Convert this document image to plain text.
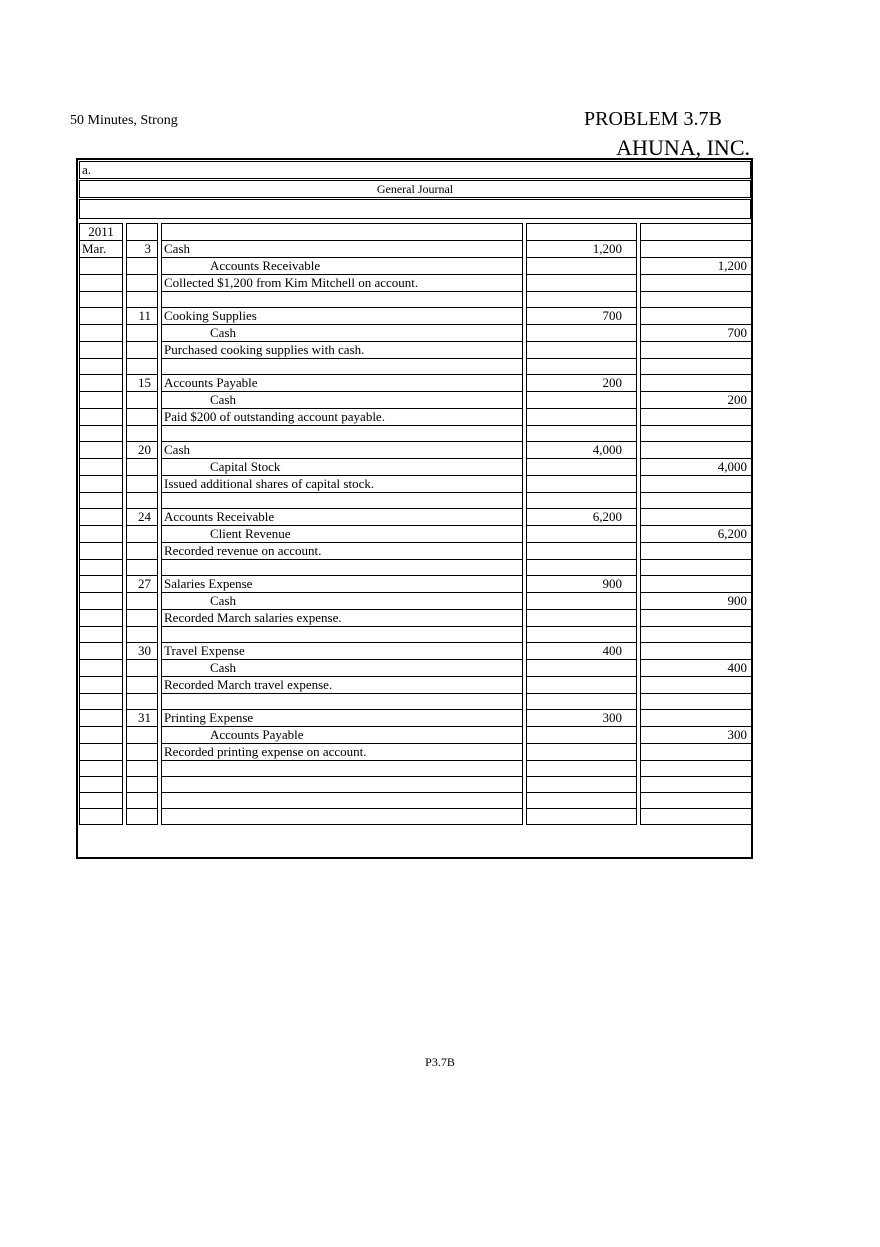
50 Minutes, Strong	PROBLEM 3.7B
AHUNA, INC.
a.
General Journal
2011				
Mar.	3	Cash	1,200	
		Accounts Receivable		1,200
		Collected $1,200 from Kim Mitchell on account.		

	11	Cooking Supplies	700	
		Cash		700
		Purchased cooking supplies with cash.		

	15	Accounts Payable	200	
		Cash		200
		Paid $200 of outstanding account payable.		

	20	Cash	4,000	
		Capital Stock		4,000
		Issued additional shares of capital stock.		

	24	Accounts Receivable	6,200	
		Client Revenue		6,200
		Recorded revenue on account.		

	27	Salaries Expense	900	
		Cash		900
		Recorded March salaries expense.		

	30	Travel Expense	400	
		Cash		400
		Recorded March travel expense.		

	31	Printing Expense	300	
		Accounts Payable		300
		Recorded printing expense on account.		

P3.7B
